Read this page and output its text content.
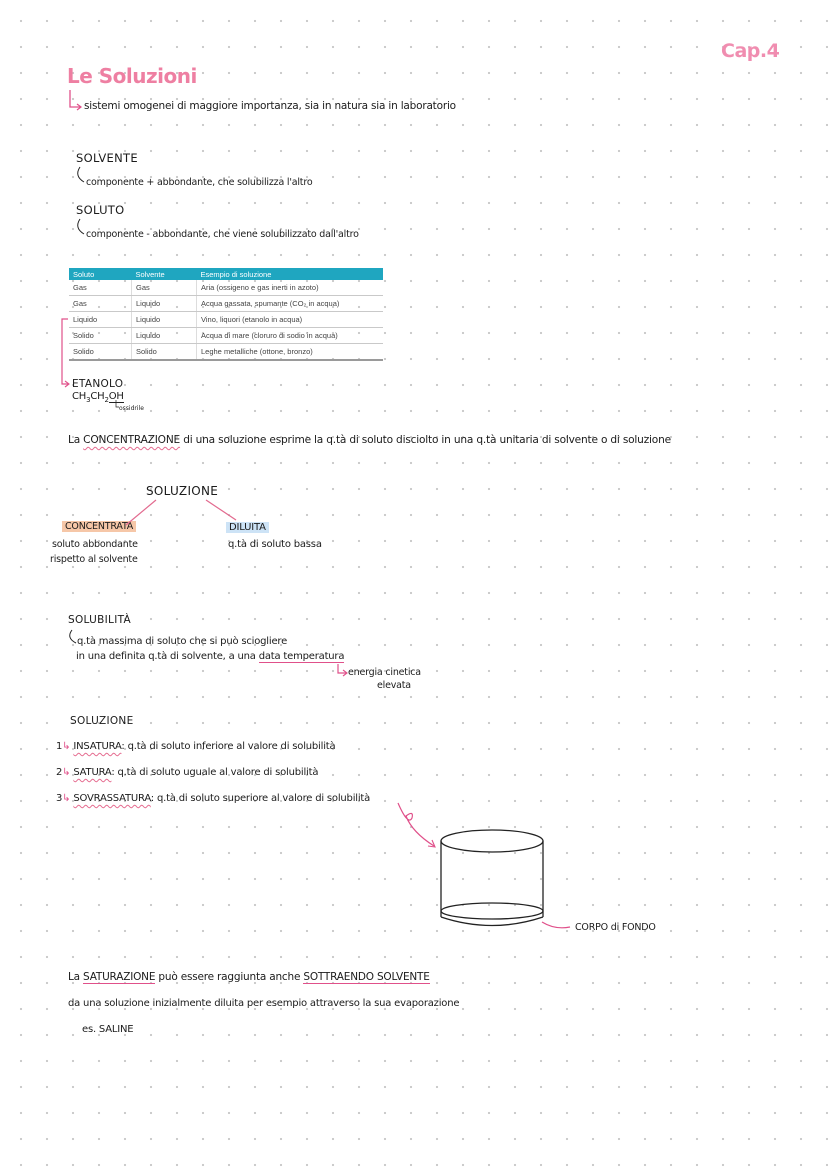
Cap.4
Le Soluzioni
sistemi omogenei di maggiore importanza, sia in natura sia in laboratorio
SOLVENTE
componente + abbondante, che solubilizza l'altro
SOLUTO
componente - abbondante, che viene solubilizzato dall'altro
Soluto	Solvente	Esempio di soluzione
Gas	Gas	Aria (ossigeno e gas inerti in azoto)
Gas	Liquido	Acqua gassata, spumante (CO₂ in acqua)
Liquido	Liquido	Vino, liquori (etanolo in acqua)
Solido	Liquido	Acqua di mare (cloruro di sodio in acqua)
Solido	Solido	Leghe metalliche (ottone, bronzo)
ETANOLO
$CH_3CH_2OH$
ossidrile
La CONCENTRAZIONE di una soluzione esprime la q.tà di soluto disciolto in una q.tà unitaria di solvente o di soluzione
SOLUZIONE
CONCENTRATA
soluto abbondante
rispetto al solvente
DILUITA
q.tà di soluto bassa
SOLUBILITÀ
q.tà massima di soluto che si può sciogliere
in una definita q.tà di solvente, a una data temperatura
energia cinetica
elevata
SOLUZIONE
1↳ INSATURA: q.tà di soluto inferiore al valore di solubilità
2↳ SATURA: q.tà di soluto uguale al valore di solubilità
3↳ SOVRASSATURA: q.tà di soluto superiore al valore di solubilità
CORPO di FONDO
La SATURAZIONE può essere raggiunta anche SOTTRAENDO SOLVENTE
da una soluzione inizialmente diluita per esempio attraverso la sua evaporazione
es. SALINE
